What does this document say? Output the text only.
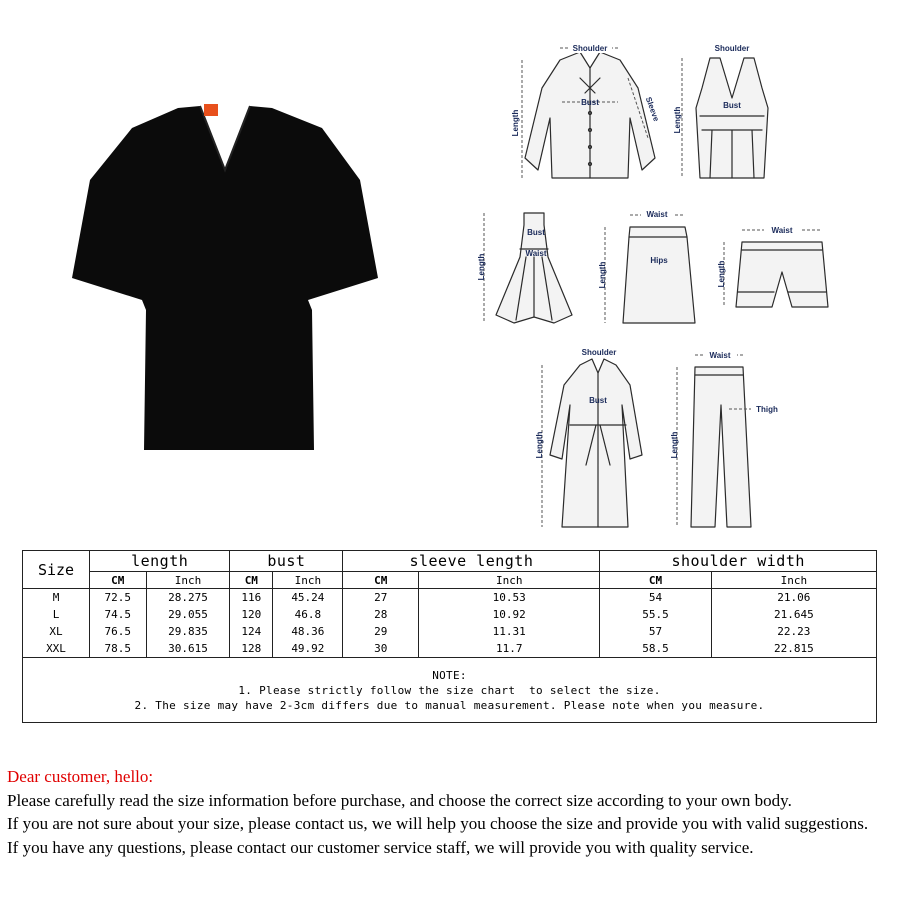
Shoulder
Bust
Length
Sleeve
Shoulder
Bust
Length
Bust
Waist
Length
Waist
Hips
Length
Waist
Length
Shoulder
Bust
Length
Waist
Thigh
Length
Size	length		bust		sleeve length		shoulder width	
	CM	Inch	CM	Inch	CM	Inch	CM	Inch
M	72.5	28.275	116	45.24	27	10.53	54	21.06
L	74.5	29.055	120	46.8	28	10.92	55.5	21.645
XL	76.5	29.835	124	48.36	29	11.31	57	22.23
XXL	78.5	30.615	128	49.92	30	11.7	58.5	22.815

NOTE:
1. Please strictly follow the size chart  to select the size.
2. The size may have 2-3cm differs due to manual measurement. Please note when you measure.								
Dear customer, hello:
Please carefully read the size information before purchase, and choose the correct size according to your own body.
If you are not sure about your size, please contact us, we will help you choose the size and provide you with valid suggestions.
If you have any questions, please contact our customer service staff, we will provide you with quality service.
